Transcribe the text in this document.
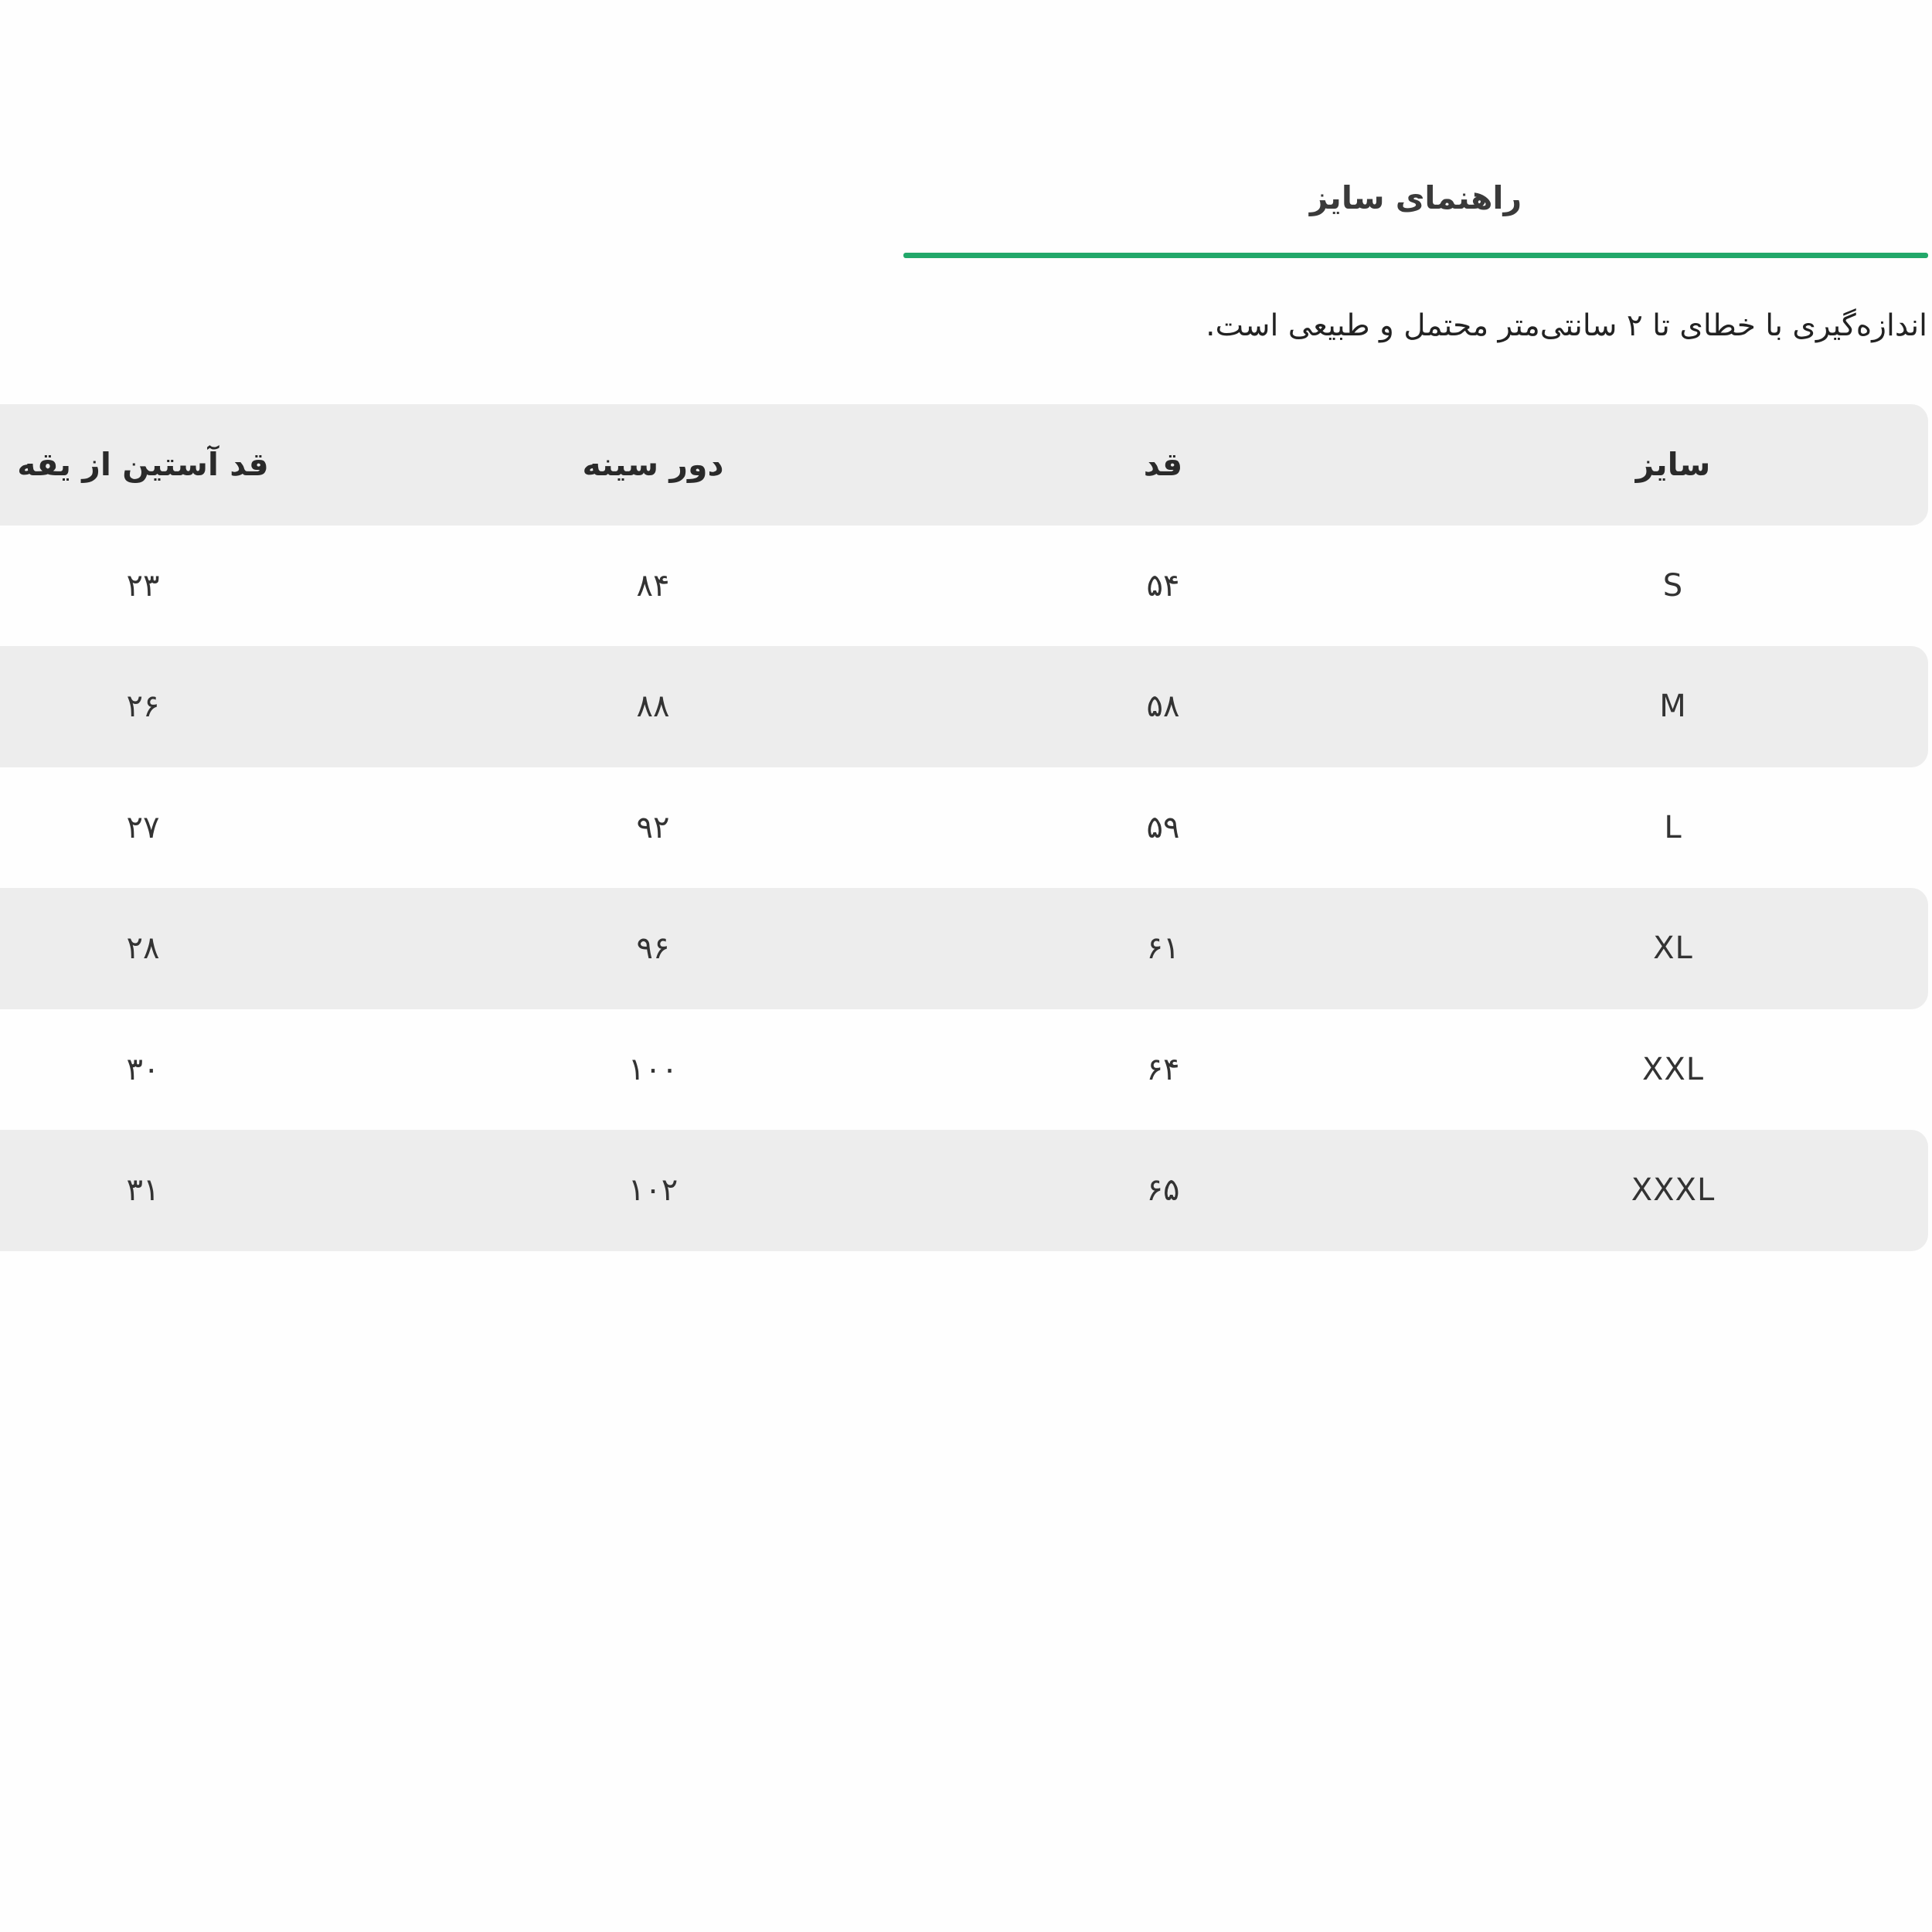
راهنمای سایز
اندازه‌گیری با خطای تا ۲ سانتی‌متر محتمل و طبیعی است.
سایز
قد
دور سینه
قد آستین از یقه
S
۵۴
۸۴
۲۳
M
۵۸
۸۸
۲۶
L
۵۹
۹۲
۲۷
XL
۶۱
۹۶
۲۸
XXL
۶۴
۱۰۰
۳۰
XXXL
۶۵
۱۰۲
۳۱
